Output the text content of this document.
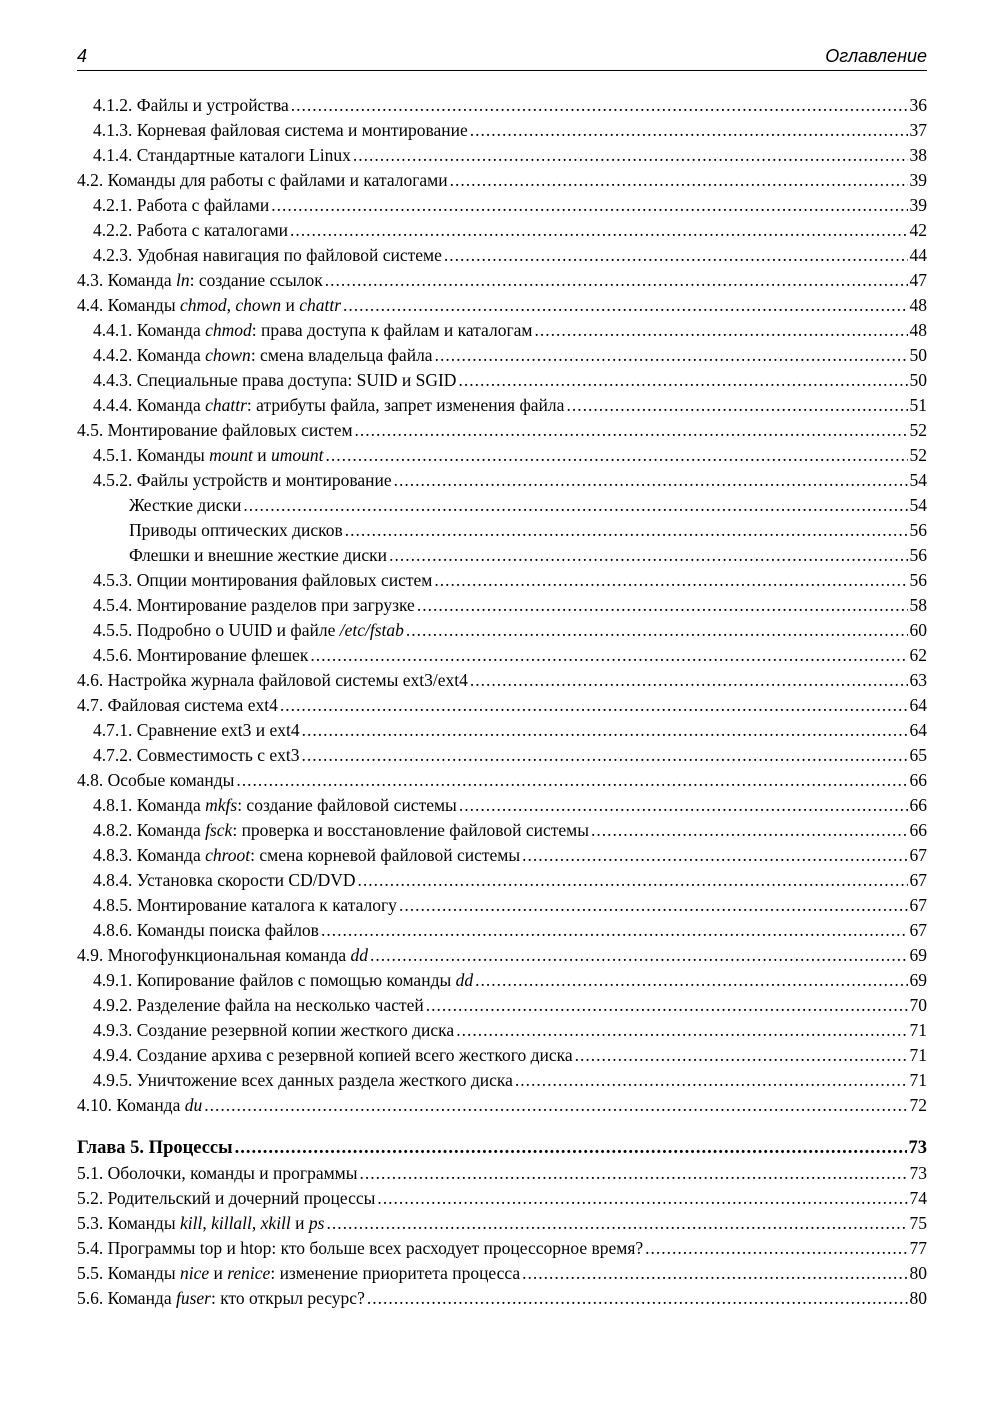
4	Оглавление
4.1.2. Файлы и устройства .....	36
4.1.3. Корневая файловая система и монтирование .....	37
4.1.4. Стандартные каталоги Linux .....	38
4.2. Команды для работы с файлами и каталогами .....	39
4.2.1. Работа с файлами .....	39
4.2.2. Работа с каталогами .....	42
4.2.3. Удобная навигация по файловой системе .....	44
4.3. Команда ln: создание ссылок .....	47
4.4. Команды chmod, chown и chattr .....	48
4.4.1. Команда chmod: права доступа к файлам и каталогам .....	48
4.4.2. Команда chown: смена владельца файла .....	50
4.4.3. Специальные права доступа: SUID и SGID .....	50
4.4.4. Команда chattr: атрибуты файла, запрет изменения файла .....	51
4.5. Монтирование файловых систем .....	52
4.5.1. Команды mount и umount .....	52
4.5.2. Файлы устройств и монтирование .....	54
Жесткие диски .....	54
Приводы оптических дисков .....	56
Флешки и внешние жесткие диски .....	56
4.5.3. Опции монтирования файловых систем .....	56
4.5.4. Монтирование разделов при загрузке .....	58
4.5.5. Подробно о UUID и файле /etc/fstab .....	60
4.5.6. Монтирование флешек .....	62
4.6. Настройка журнала файловой системы ext3/ext4 .....	63
4.7. Файловая система ext4 .....	64
4.7.1. Сравнение ext3 и ext4 .....	64
4.7.2. Совместимость с ext3 .....	65
4.8. Особые команды .....	66
4.8.1. Команда mkfs: создание файловой системы .....	66
4.8.2. Команда fsck: проверка и восстановление файловой системы .....	66
4.8.3. Команда chroot: смена корневой файловой системы .....	67
4.8.4. Установка скорости CD/DVD .....	67
4.8.5. Монтирование каталога к каталогу .....	67
4.8.6. Команды поиска файлов .....	67
4.9. Многофункциональная команда dd .....	69
4.9.1. Копирование файлов с помощью команды dd .....	69
4.9.2. Разделение файла на несколько частей .....	70
4.9.3. Создание резервной копии жесткого диска .....	71
4.9.4. Создание архива с резервной копией всего жесткого диска .....	71
4.9.5. Уничтожение всех данных раздела жесткого диска .....	71
4.10. Команда du .....	72
Глава 5. Процессы .....	73
5.1. Оболочки, команды и программы .....	73
5.2. Родительский и дочерний процессы .....	74
5.3. Команды kill, killall, xkill и ps .....	75
5.4. Программы top и htop: кто больше всех расходует процессорное время? .....	77
5.5. Команды nice и renice: изменение приоритета процесса .....	80
5.6. Команда fuser: кто открыл ресурс? .....	80
